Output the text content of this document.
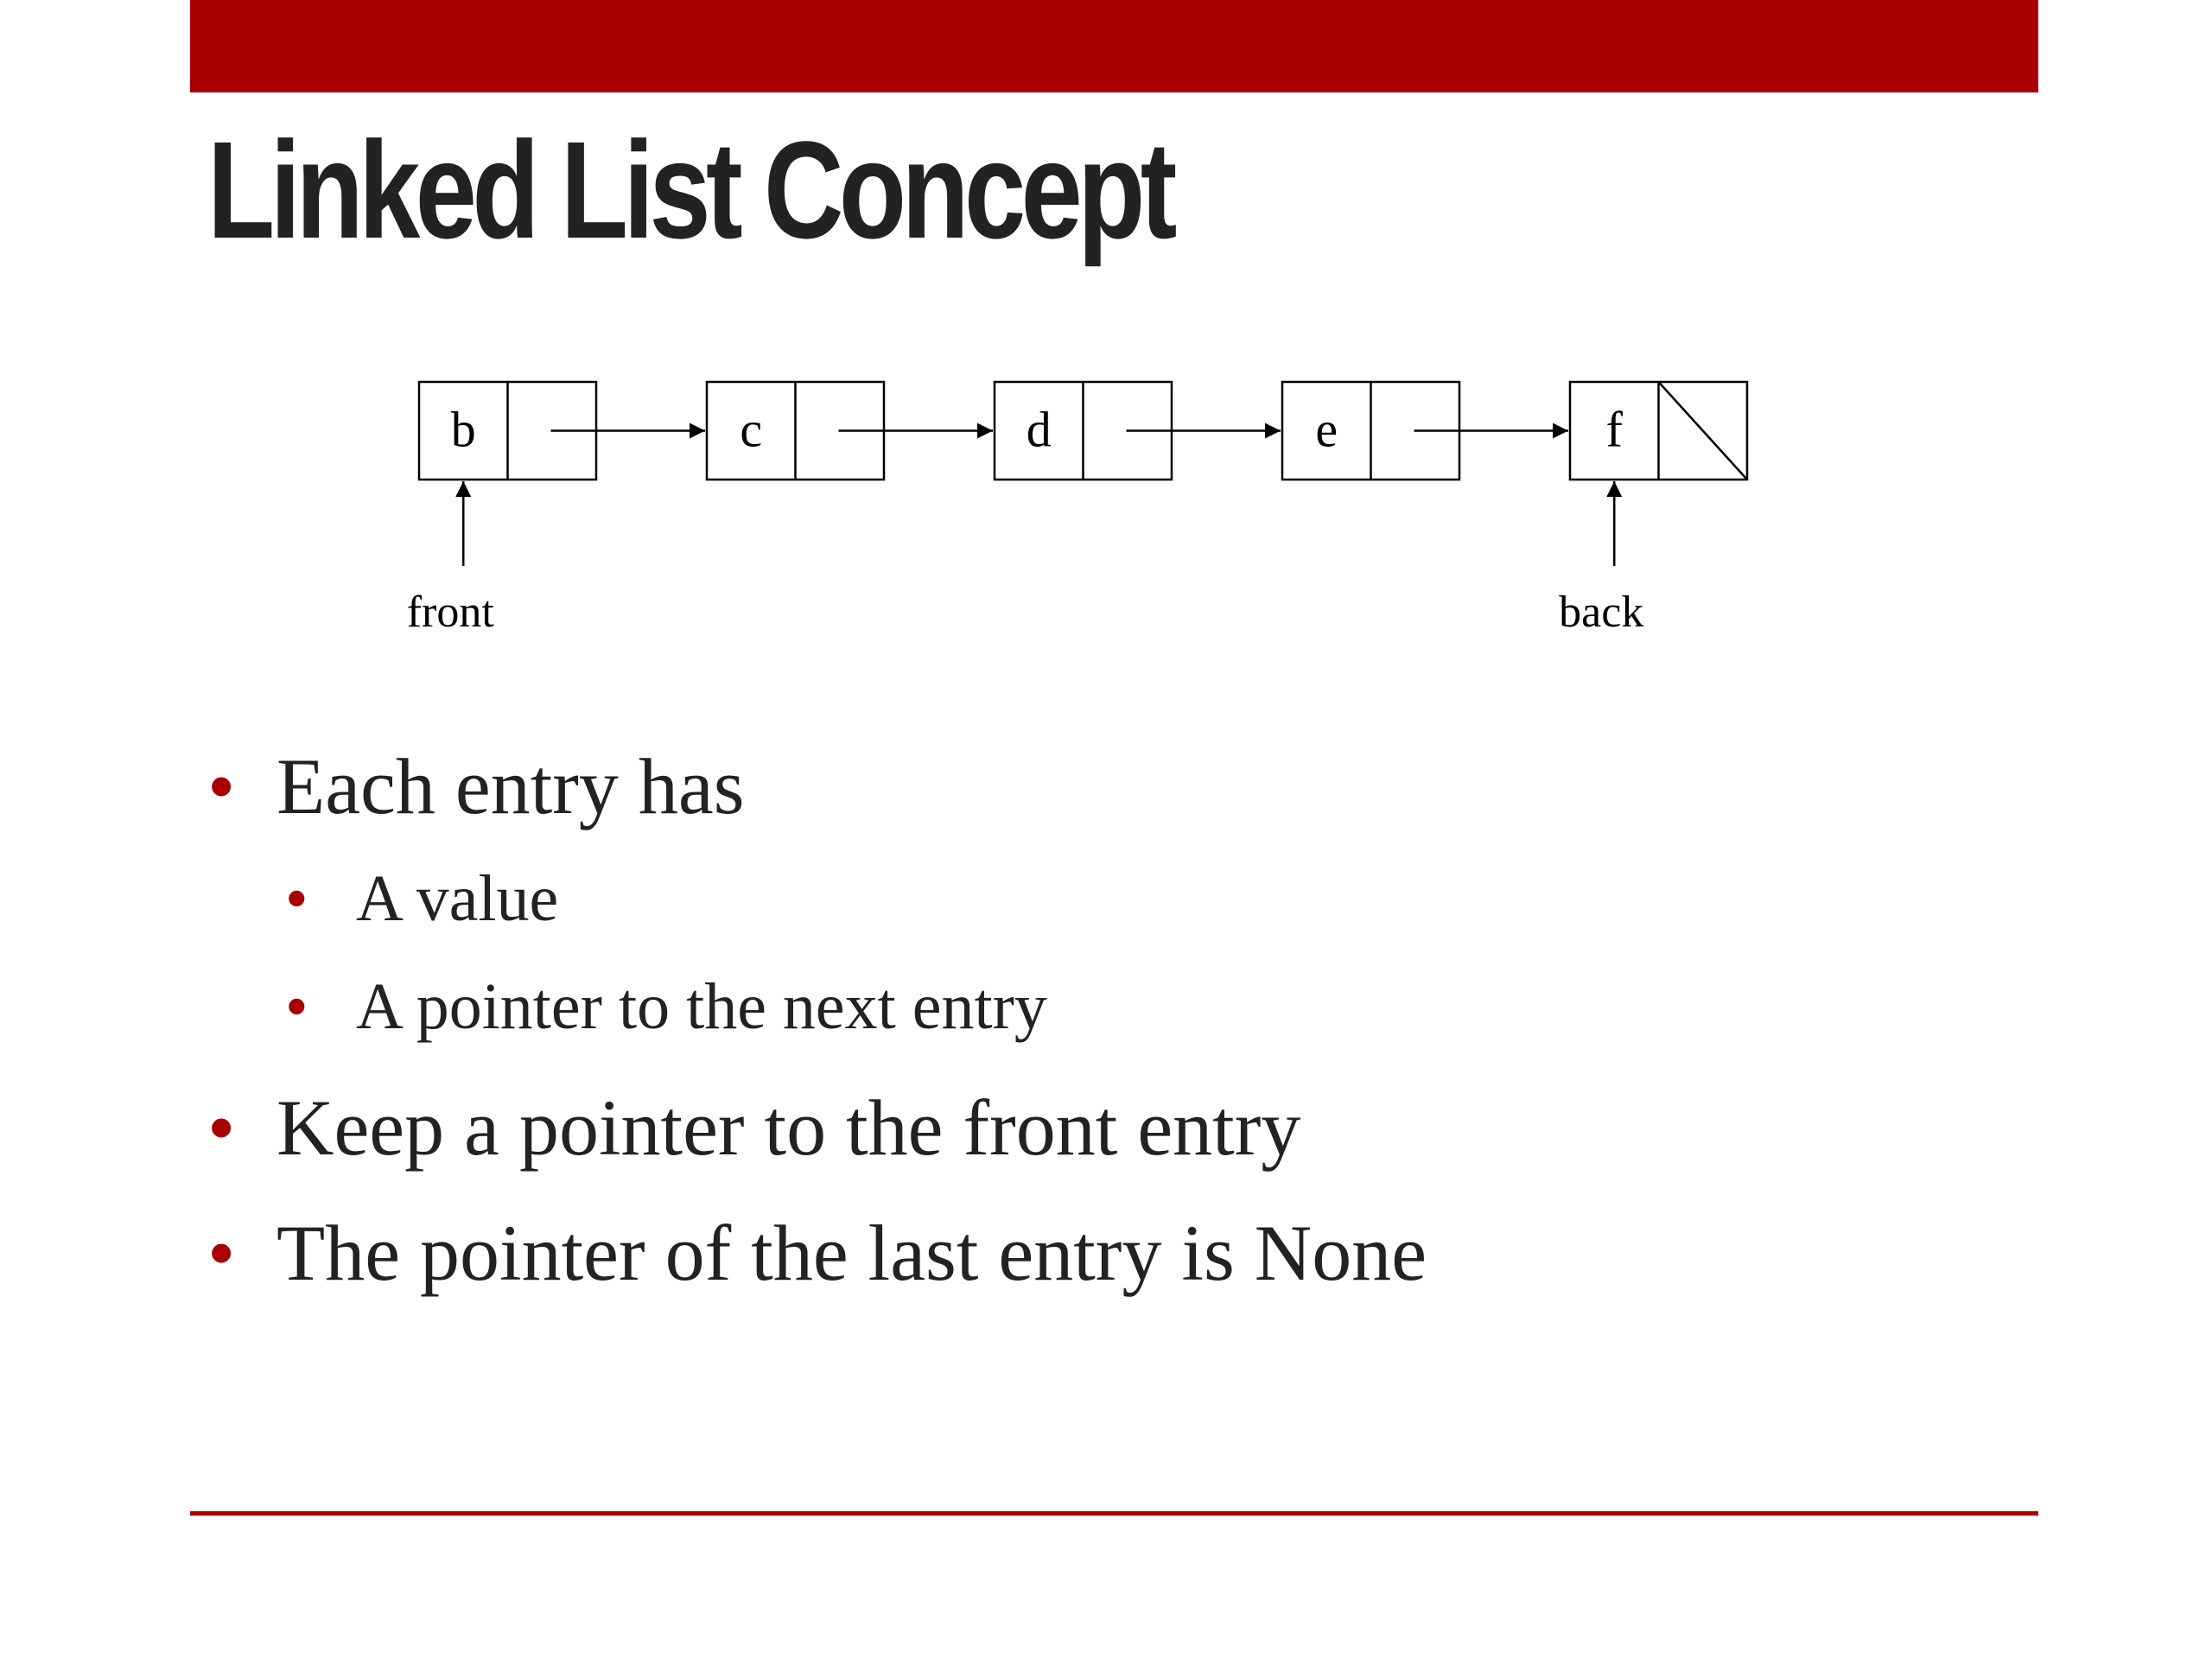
Linked List Concept
b	c	d	e	f
front	back
• Each entry has
• A value
• A pointer to the next entry
• Keep a pointer to the front entry
• The pointer of the last entry is None
